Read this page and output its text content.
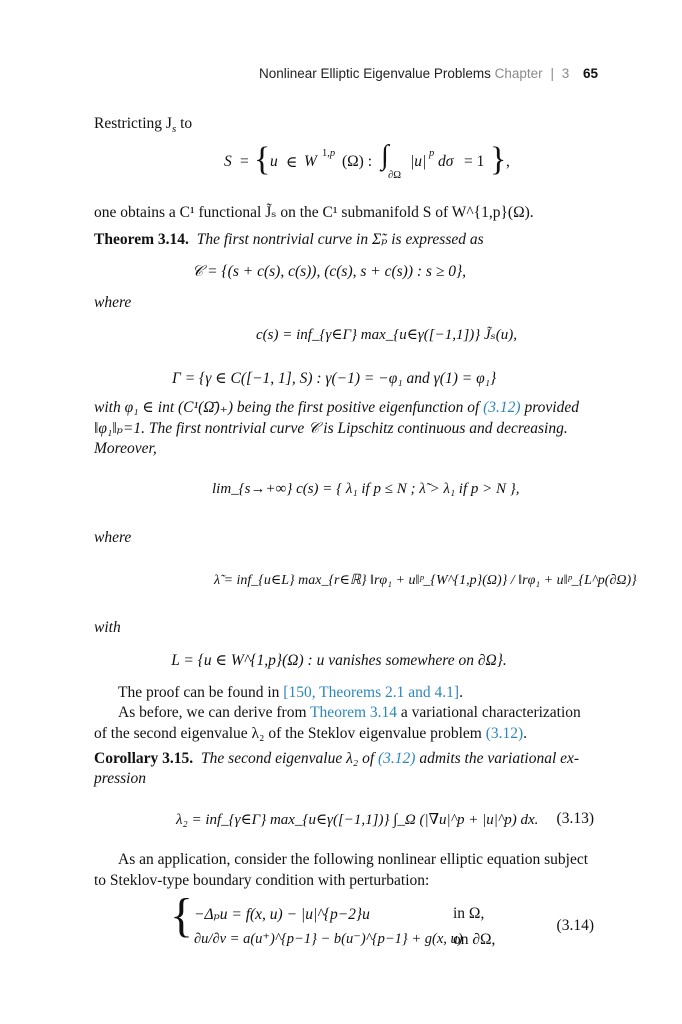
Nonlinear Elliptic Eigenvalue Problems Chapter | 3 65
Restricting $J_s$ to
S = { u ∈ W 1,p (Ω) : ∫
∂Ω
|u| p dσ = 1 } ,
one obtains a C¹ functional J̃ₛ on the C¹ submanifold S of W^{1,p}(Ω).
Theorem 3.14. The first nontrivial curve in Σ̃ₚ is expressed as
𝒞 = {(s + c(s), c(s)), (c(s), s + c(s)) : s ≥ 0},
where
c(s) = inf_{γ∈Γ} max_{u∈γ([−1,1])} J̃ₛ(u),
Γ = {γ ∈ C([−1, 1], S) : γ(−1) = −φ₁ and γ(1) = φ₁}
with φ₁ ∈ int (C¹(Ω̄)₊) being the first positive eigenfunction of (3.12) provided
‖φ₁‖ₚ=1. The first nontrivial curve 𝒞 is Lipschitz continuous and decreasing.
Moreover,
lim_{s→+∞} c(s) = { λ₁ if p ≤ N ; λ̃ > λ₁ if p > N },
where
λ̃ = inf_{u∈L} max_{r∈ℝ} ‖rφ₁ + u‖ᵖ_{W^{1,p}(Ω)} / ‖rφ₁ + u‖ᵖ_{L^p(∂Ω)}
with
L = {u ∈ W^{1,p}(Ω) : u vanishes somewhere on ∂Ω}.
The proof can be found in [150, Theorems 2.1 and 4.1].
As before, we can derive from Theorem 3.14 a variational characterization
of the second eigenvalue λ₂ of the Steklov eigenvalue problem (3.12).
Corollary 3.15. The second eigenvalue λ₂ of (3.12) admits the variational ex-
pression
λ₂ = inf_{γ∈Γ} max_{u∈γ([−1,1])} ∫_Ω (|∇u|^p + |u|^p) dx.	(3.13)
As an application, consider the following nonlinear elliptic equation subject
to Steklov-type boundary condition with perturbation:
{ −Δₚu = f(x, u) − |u|^{p−2}u	in Ω,
∂u/∂ν = a(u⁺)^{p−1} − b(u⁻)^{p−1} + g(x, u)
on ∂Ω,
(3.14)
